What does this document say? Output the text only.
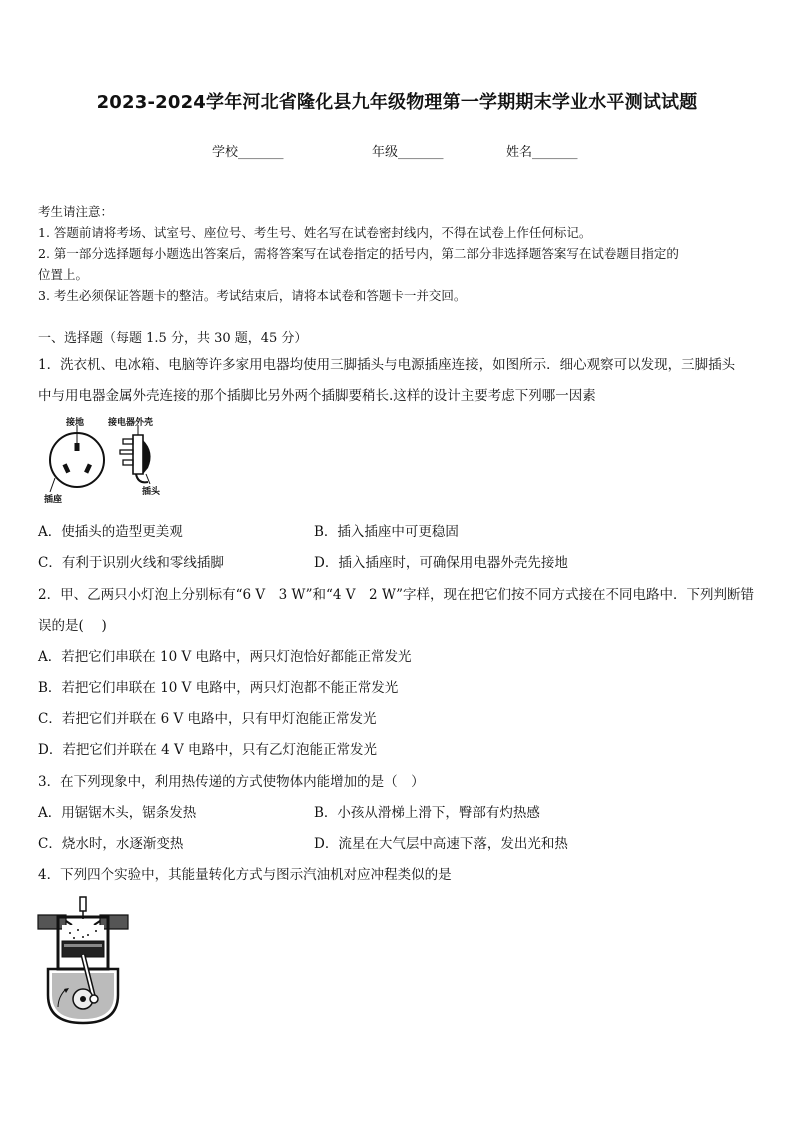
2023-2024学年河北省隆化县九年级物理第一学期期末学业水平测试试题
学校_______	年级_______	姓名_______
考生请注意：
1. 答题前请将考场、试室号、座位号、考生号、姓名写在试卷密封线内，不得在试卷上作任何标记。
2. 第一部分选择题每小题选出答案后，需将答案写在试卷指定的括号内，第二部分非选择题答案写在试卷题目指定的
位置上。
3. 考生必须保证答题卡的整洁。考试结束后，请将本试卷和答题卡一并交回。
一、选择题（每题 1.5 分，共 30 题，45 分）
1．洗衣机、电冰箱、电脑等许多家用电器均使用三脚插头与电源插座连接，如图所示．细心观察可以发现，三脚插头
中与用电器金属外壳连接的那个插脚比另外两个插脚要稍长.这样的设计主要考虑下列哪一因素
接地	接电器外壳
插座
插头
A．使插头的造型更美观	B．插入插座中可更稳固
C．有利于识别火线和零线插脚	D．插入插座时，可确保用电器外壳先接地
2．甲、乙两只小灯泡上分别标有“6 V　3 W”和“4 V　2 W”字样，现在把它们按不同方式接在不同电路中．下列判断错
误的是(　 )
A．若把它们串联在 10 V 电路中，两只灯泡恰好都能正常发光
B．若把它们串联在 10 V 电路中，两只灯泡都不能正常发光
C．若把它们并联在 6 V 电路中，只有甲灯泡能正常发光
D．若把它们并联在 4 V 电路中，只有乙灯泡能正常发光
3．在下列现象中，利用热传递的方式使物体内能增加的是（　）
A．用锯锯木头，锯条发热	B．小孩从滑梯上滑下，臀部有灼热感
C．烧水时，水逐渐变热	D．流星在大气层中高速下落，发出光和热
4．下列四个实验中，其能量转化方式与图示汽油机对应冲程类似的是
